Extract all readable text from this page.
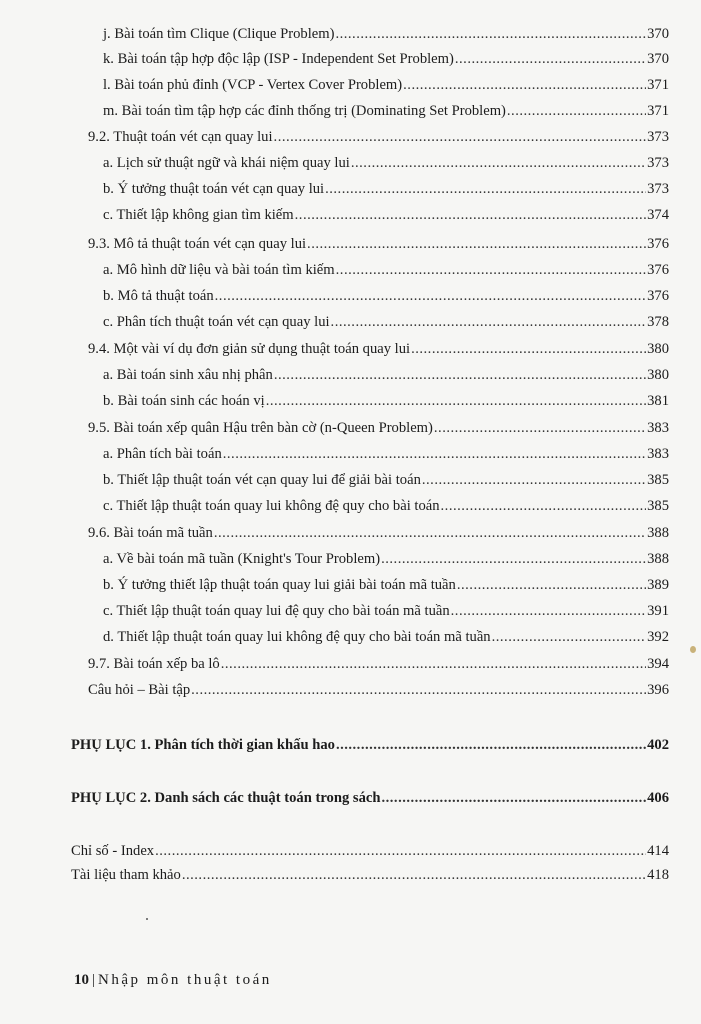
j. Bài toán tìm Clique (Clique Problem) .....	370
k. Bài toán tập hợp độc lập (ISP - Independent Set Problem) .....	370
l. Bài toán phủ đỉnh (VCP - Vertex Cover Problem) .....	371
m. Bài toán tìm tập hợp các đỉnh thống trị (Dominating Set Problem) .....	371
9.2. Thuật toán vét cạn quay lui .....	373
a. Lịch sử thuật ngữ và khái niệm quay lui .....	373
b. Ý tưởng thuật toán vét cạn quay lui .....	373
c. Thiết lập không gian tìm kiếm .....	374
9.3. Mô tả thuật toán vét cạn quay lui .....	376
a. Mô hình dữ liệu và bài toán tìm kiếm .....	376
b. Mô tả thuật toán .....	376
c. Phân tích thuật toán vét cạn quay lui .....	378
9.4. Một vài ví dụ đơn giản sử dụng thuật toán quay lui .....	380
a. Bài toán sinh xâu nhị phân .....	380
b. Bài toán sinh các hoán vị .....	381
9.5. Bài toán xếp quân Hậu trên bàn cờ (n-Queen Problem) .....	383
a. Phân tích bài toán .....	383
b. Thiết lập thuật toán vét cạn quay lui để giải bài toán .....	385
c. Thiết lập thuật toán quay lui không đệ quy cho bài toán .....	385
9.6. Bài toán mã tuần .....	388
a. Về bài toán mã tuần (Knight's Tour Problem) .....	388
b. Ý tưởng thiết lập thuật toán quay lui giải bài toán mã tuần .....	389
c. Thiết lập thuật toán quay lui đệ quy cho bài toán mã tuần .....	391
d. Thiết lập thuật toán quay lui không đệ quy cho bài toán mã tuần .....	392
9.7. Bài toán xếp ba lô .....	394
Câu hỏi – Bài tập .....	396
PHỤ LỤC 1. Phân tích thời gian khấu hao .....	402
PHỤ LỤC 2. Danh sách các thuật toán trong sách .....	406
Chỉ số - Index .....	414
Tài liệu tham khảo .....	418
10 | Nhập môn thuật toán
